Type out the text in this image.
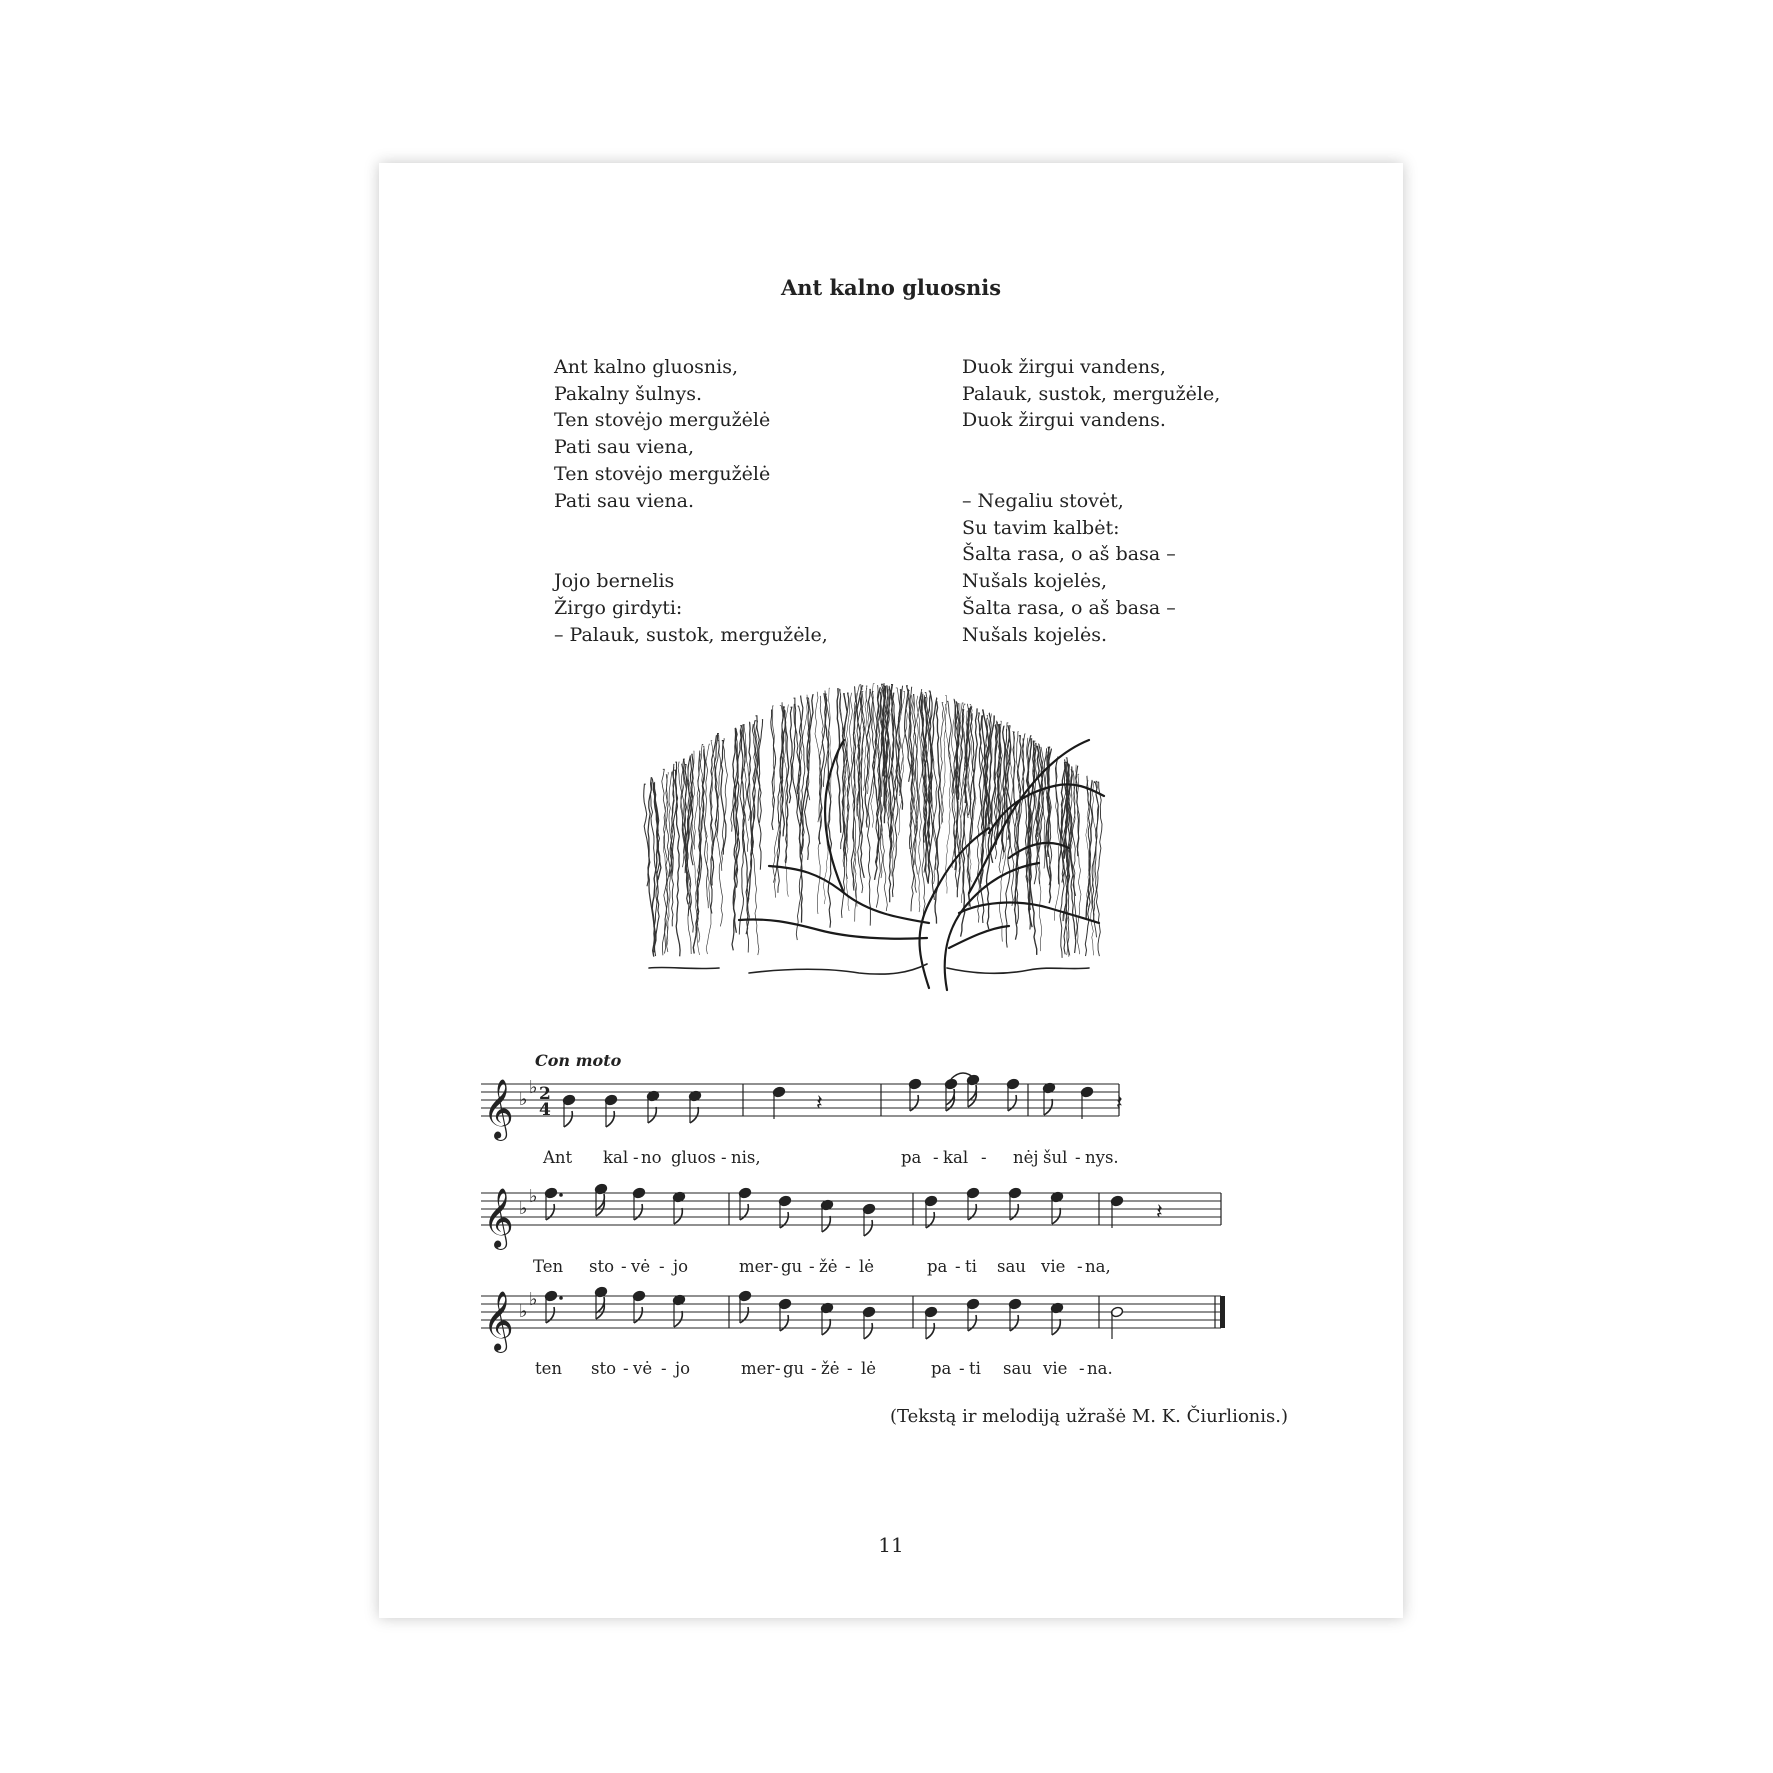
Ant kalno gluosnis

Ant kalno gluosnis,
Pakalny šulnys.
Ten stovėjo mergužėlė
Pati sau viena,
Ten stovėjo mergužėlė
Pati sau viena.

Jojo bernelis
Žirgo girdyti:
– Palauk, sustok, mergužėle,

Duok žirgui vandens,
Palauk, sustok, mergužėle,
Duok žirgui vandens.

– Negaliu stovėt,
Su tavim kalbėt:
Šalta rasa, o aš basa –
Nušals kojelės,
Šalta rasa, o aš basa –
Nušals kojelės.

Con moto
𝄞 ♭
♭ 2
4	𝄽	𝄽
𝄞 ♭
♭
𝄽
𝄞 ♭
♭
Ant kal - no gluos - nis,	pa - kal - nėj šul - nys.
Ten sto - vė - jo	mer - gu - žė - lė	pa - ti sau vie - na,
ten sto - vė - jo	mer - gu - žė - lė	pa - ti sau vie - na.
(Tekstą ir melodiją užrašė M. K. Čiurlionis.)
11
